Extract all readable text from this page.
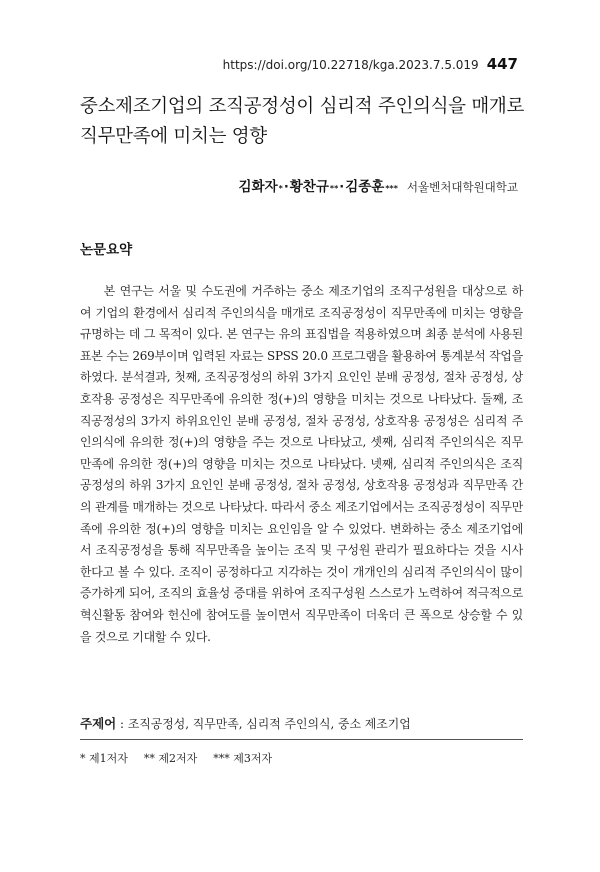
https://doi.org/10.22718/kga.2023.7.5.019 447
중소제조기업의 조직공정성이 심리적 주인의식을 매개로 직무만족에 미치는 영향
김화자 * · 황찬규 ** · 김종훈 *** 서울벤처대학원대학교
논문요약

본 연구는 서울 및 수도권에 거주하는 중소 제조기업의 조직구성원을 대상으로 하여 기업의 환경에서 심리적 주인의식을 매개로 조직공정성이 직무만족에 미치는 영향을 규명하는 데 그 목적이 있다. 본 연구는 유의 표집법을 적용하였으며 최종 분석에 사용된 표본 수는 269부이며 입력된 자료는 SPSS 20.0 프로그램을 활용하여 통계분석 작업을 하였다. 분석결과, 첫째, 조직공정성의 하위 3가지 요인인 분배 공정성, 절차 공정성, 상호작용 공정성은 직무만족에 유의한 정(+)의 영향을 미치는 것으로 나타났다. 둘째, 조직공정성의 3가지 하위요인인 분배 공정성, 절차 공정성, 상호작용 공정성은 심리적 주인의식에 유의한 정(+)의 영향을 주는 것으로 나타났고, 셋째, 심리적 주인의식은 직무만족에 유의한 정(+)의 영향을 미치는 것으로 나타났다. 넷째, 심리적 주인의식은 조직공정성의 하위 3가지 요인인 분배 공정성, 절차 공정성, 상호작용 공정성과 직무만족 간의 관계를 매개하는 것으로 나타났다. 따라서 중소 제조기업에서는 조직공정성이 직무만족에 유의한 정(+)의 영향을 미치는 요인임을 알 수 있었다. 변화하는 중소 제조기업에서 조직공정성을 통해 직무만족을 높이는 조직 및 구성원 관리가 필요하다는 것을 시사한다고 볼 수 있다. 조직이 공정하다고 지각하는 것이 개개인의 심리적 주인의식이 많이 증가하게 되어, 조직의 효율성 증대를 위하여 조직구성원 스스로가 노력하여 적극적으로 혁신활동 참여와 헌신에 참여도를 높이면서 직무만족이 더욱더 큰 폭으로 상승할 수 있을 것으로 기대할 수 있다.

주제어 : 조직공정성, 직무만족, 심리적 주인의식, 중소 제조기업
* 제1저자 ** 제2저자 *** 제3저자
